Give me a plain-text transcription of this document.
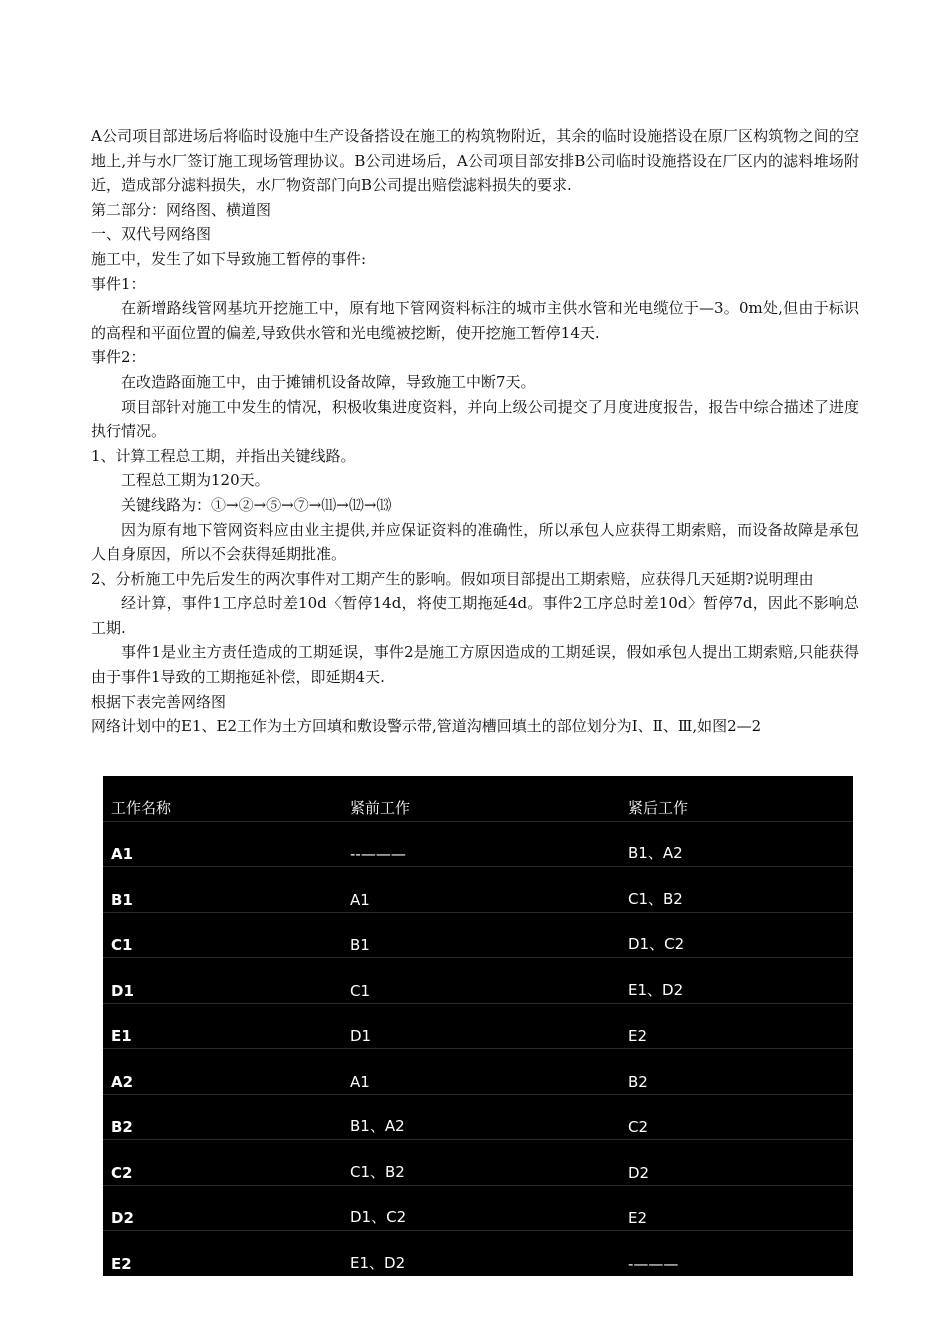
A公司项目部进场后将临时设施中生产设备搭设在施工的构筑物附近，其余的临时设施搭设在原厂区构筑物之间的空地上,并与水厂签订施工现场管理协议。B公司进场后，A公司项目部安排B公司临时设施搭设在厂区内的滤料堆场附近，造成部分滤料损失，水厂物资部门向B公司提出赔偿滤料损失的要求.

第二部分：网络图、横道图

一、双代号网络图

施工中，发生了如下导致施工暂停的事件:

事件1：

在新增路线管网基坑开挖施工中，原有地下管网资料标注的城市主供水管和光电缆位于—3。0m处,但由于标识的高程和平面位置的偏差,导致供水管和光电缆被挖断，使开挖施工暂停14天.

事件2：

在改造路面施工中，由于摊铺机设备故障，导致施工中断7天。

项目部针对施工中发生的情况，积极收集进度资料，并向上级公司提交了月度进度报告，报告中综合描述了进度执行情况。

1、计算工程总工期，并指出关键线路。

工程总工期为120天。

关键线路为：①→②→⑤→⑦→⑾→⑿→⒀

因为原有地下管网资料应由业主提供,并应保证资料的准确性，所以承包人应获得工期索赔，而设备故障是承包人自身原因，所以不会获得延期批准。

2、分析施工中先后发生的两次事件对工期产生的影响。假如项目部提出工期索赔，应获得几天延期?说明理由

经计算，事件1工序总时差10d〈暂停14d，将使工期拖延4d。事件2工序总时差10d〉暂停7d，因此不影响总工期.

事件1是业主方责任造成的工期延误，事件2是施工方原因造成的工期延误，假如承包人提出工期索赔,只能获得由于事件1导致的工期拖延补偿，即延期4天.

根据下表完善网络图

网络计划中的E1、E2工作为土方回填和敷设警示带,管道沟槽回填土的部位划分为Ⅰ、Ⅱ、Ⅲ,如图2—2

工作名称	紧前工作	紧后工作
A1	--———	B1、A2
B1	A1	C1、B2
C1	B1	D1、C2
D1	C1	E1、D2
E1	D1	E2
A2	A1	B2
B2	B1、A2	C2
C2	C1、B2	D2
D2	D1、C2	E2
E2	E1、D2	-———
